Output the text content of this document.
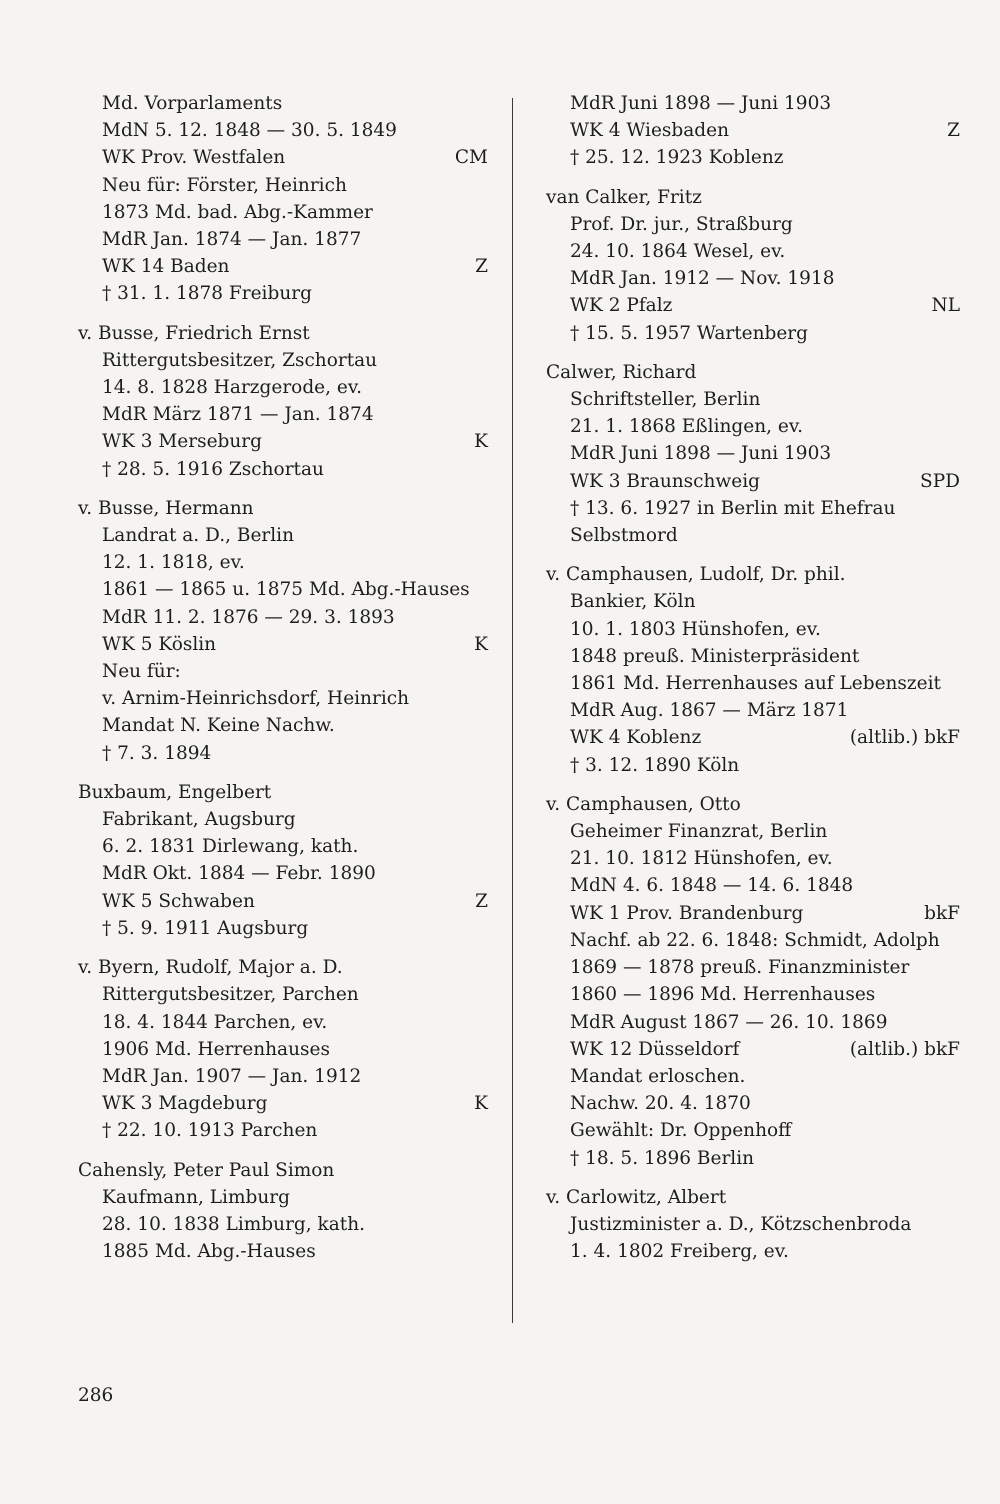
Md. Vorparlaments
MdN 5. 12. 1848 — 30. 5. 1849
WK Prov. Westfalen	CM
Neu für: Förster, Heinrich
1873 Md. bad. Abg.-Kammer
MdR Jan. 1874 — Jan. 1877
WK 14 Baden	Z
† 31. 1. 1878 Freiburg
v. Busse, Friedrich Ernst
Rittergutsbesitzer, Zschortau
14. 8. 1828 Harzgerode, ev.
MdR März 1871 — Jan. 1874
WK 3 Merseburg	K
† 28. 5. 1916 Zschortau
v. Busse, Hermann
Landrat a. D., Berlin
12. 1. 1818, ev.
1861 — 1865 u. 1875 Md. Abg.-Hauses
MdR 11. 2. 1876 — 29. 3. 1893
WK 5 Köslin	K
Neu für:
v. Arnim-Heinrichsdorf, Heinrich
Mandat N. Keine Nachw.
† 7. 3. 1894
Buxbaum, Engelbert
Fabrikant, Augsburg
6. 2. 1831 Dirlewang, kath.
MdR Okt. 1884 — Febr. 1890
WK 5 Schwaben	Z
† 5. 9. 1911 Augsburg
v. Byern, Rudolf, Major a. D.
Rittergutsbesitzer, Parchen
18. 4. 1844 Parchen, ev.
1906 Md. Herrenhauses
MdR Jan. 1907 — Jan. 1912
WK 3 Magdeburg	K
† 22. 10. 1913 Parchen
Cahensly, Peter Paul Simon
Kaufmann, Limburg
28. 10. 1838 Limburg, kath.
1885 Md. Abg.-Hauses
MdR Juni 1898 — Juni 1903
WK 4 Wiesbaden	Z
† 25. 12. 1923 Koblenz
van Calker, Fritz
Prof. Dr. jur., Straßburg
24. 10. 1864 Wesel, ev.
MdR Jan. 1912 — Nov. 1918
WK 2 Pfalz	NL
† 15. 5. 1957 Wartenberg
Calwer, Richard
Schriftsteller, Berlin
21. 1. 1868 Eßlingen, ev.
MdR Juni 1898 — Juni 1903
WK 3 Braunschweig	SPD
† 13. 6. 1927 in Berlin mit Ehefrau
Selbstmord
v. Camphausen, Ludolf, Dr. phil.
Bankier, Köln
10. 1. 1803 Hünshofen, ev.
1848 preuß. Ministerpräsident
1861 Md. Herrenhauses auf Lebenszeit
MdR Aug. 1867 — März 1871
WK 4 Koblenz	(altlib.) bkF
† 3. 12. 1890 Köln
v. Camphausen, Otto
Geheimer Finanzrat, Berlin
21. 10. 1812 Hünshofen, ev.
MdN 4. 6. 1848 — 14. 6. 1848
WK 1 Prov. Brandenburg	bkF
Nachf. ab 22. 6. 1848: Schmidt, Adolph
1869 — 1878 preuß. Finanzminister
1860 — 1896 Md. Herrenhauses
MdR August 1867 — 26. 10. 1869
WK 12 Düsseldorf	(altlib.) bkF
Mandat erloschen.
Nachw. 20. 4. 1870
Gewählt: Dr. Oppenhoff
† 18. 5. 1896 Berlin
v. Carlowitz, Albert
Justizminister a. D., Kötzschenbroda
1. 4. 1802 Freiberg, ev.
286
